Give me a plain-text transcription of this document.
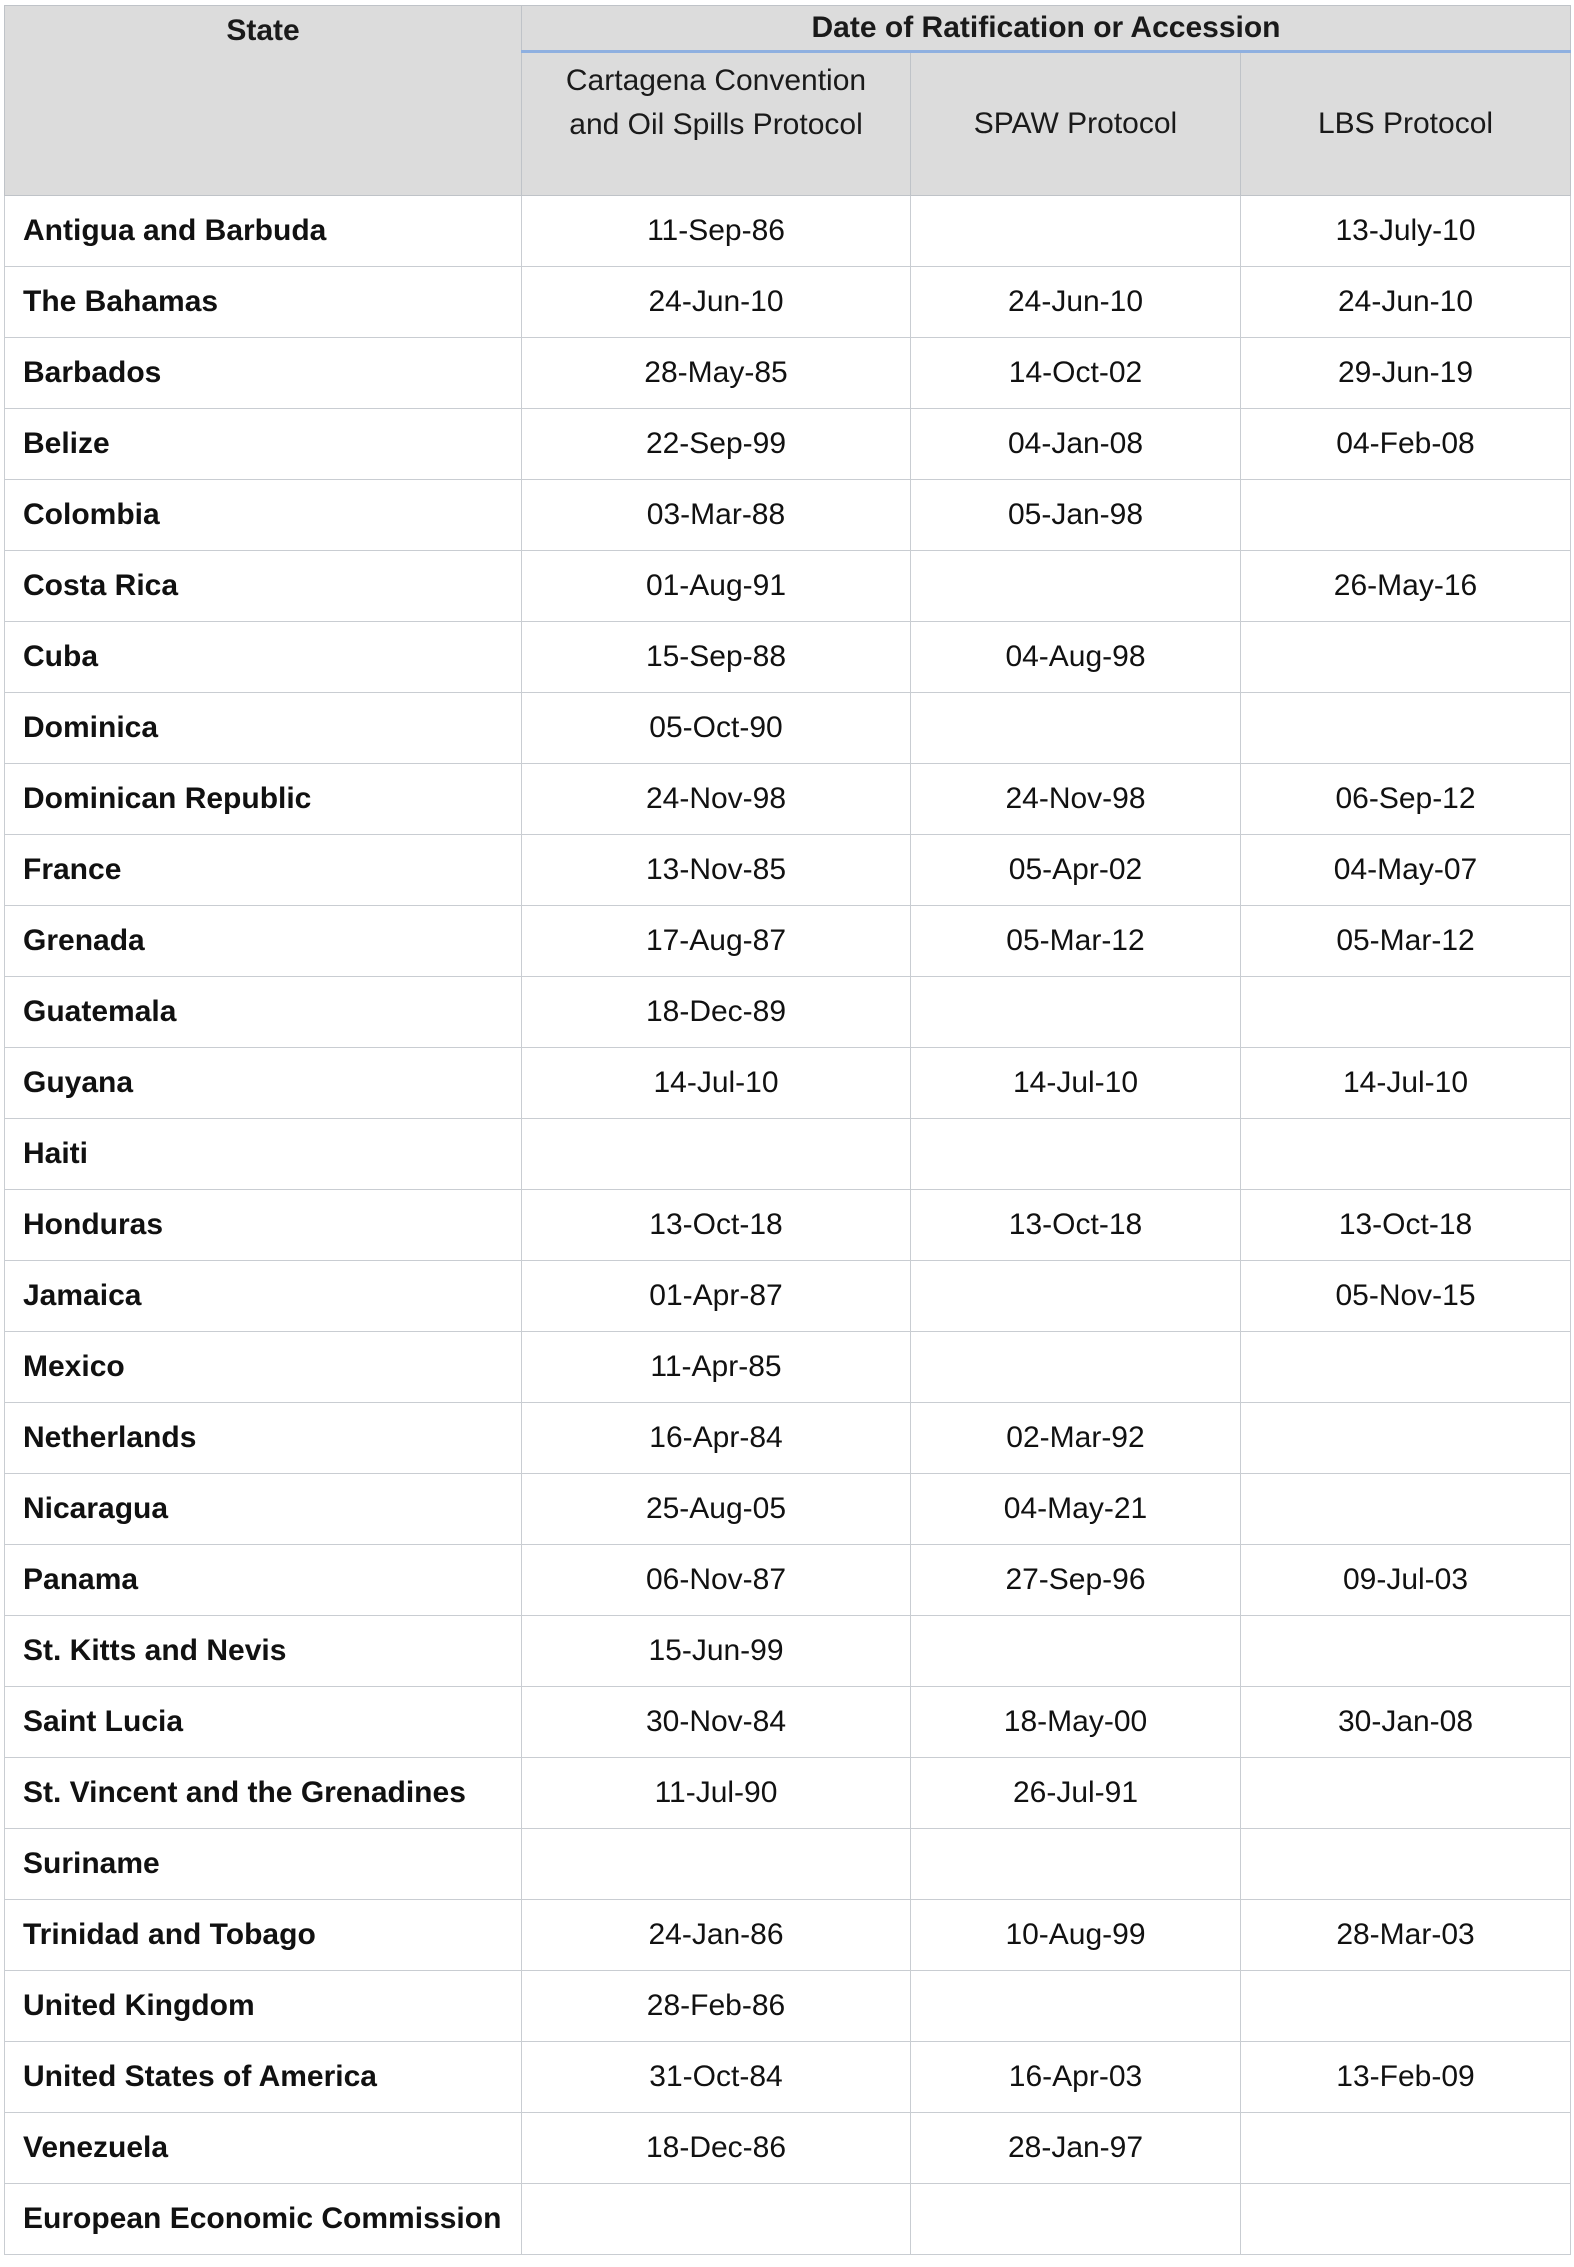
State	Date of Ratification or Accession		
	Cartagena Convention
and Oil Spills Protocol	SPAW Protocol	LBS Protocol
Antigua and Barbuda	11-Sep-86		13-July-10
The Bahamas	24-Jun-10	24-Jun-10	24-Jun-10
Barbados	28-May-85	14-Oct-02	29-Jun-19
Belize	22-Sep-99	04-Jan-08	04-Feb-08
Colombia	03-Mar-88	05-Jan-98	
Costa Rica	01-Aug-91		26-May-16
Cuba	15-Sep-88	04-Aug-98	
Dominica	05-Oct-90		
Dominican Republic	24-Nov-98	24-Nov-98	06-Sep-12
France	13-Nov-85	05-Apr-02	04-May-07
Grenada	17-Aug-87	05-Mar-12	05-Mar-12
Guatemala	18-Dec-89		
Guyana	14-Jul-10	14-Jul-10	14-Jul-10
Haiti			
Honduras	13-Oct-18	13-Oct-18	13-Oct-18
Jamaica	01-Apr-87		05-Nov-15
Mexico	11-Apr-85		
Netherlands	16-Apr-84	02-Mar-92	
Nicaragua	25-Aug-05	04-May-21	
Panama	06-Nov-87	27-Sep-96	09-Jul-03
St. Kitts and Nevis	15-Jun-99		
Saint Lucia	30-Nov-84	18-May-00	30-Jan-08
St. Vincent and the Grenadines	11-Jul-90	26-Jul-91	
Suriname			
Trinidad and Tobago	24-Jan-86	10-Aug-99	28-Mar-03
United Kingdom	28-Feb-86		
United States of America	31-Oct-84	16-Apr-03	13-Feb-09
Venezuela	18-Dec-86	28-Jan-97	
European Economic Commission			
